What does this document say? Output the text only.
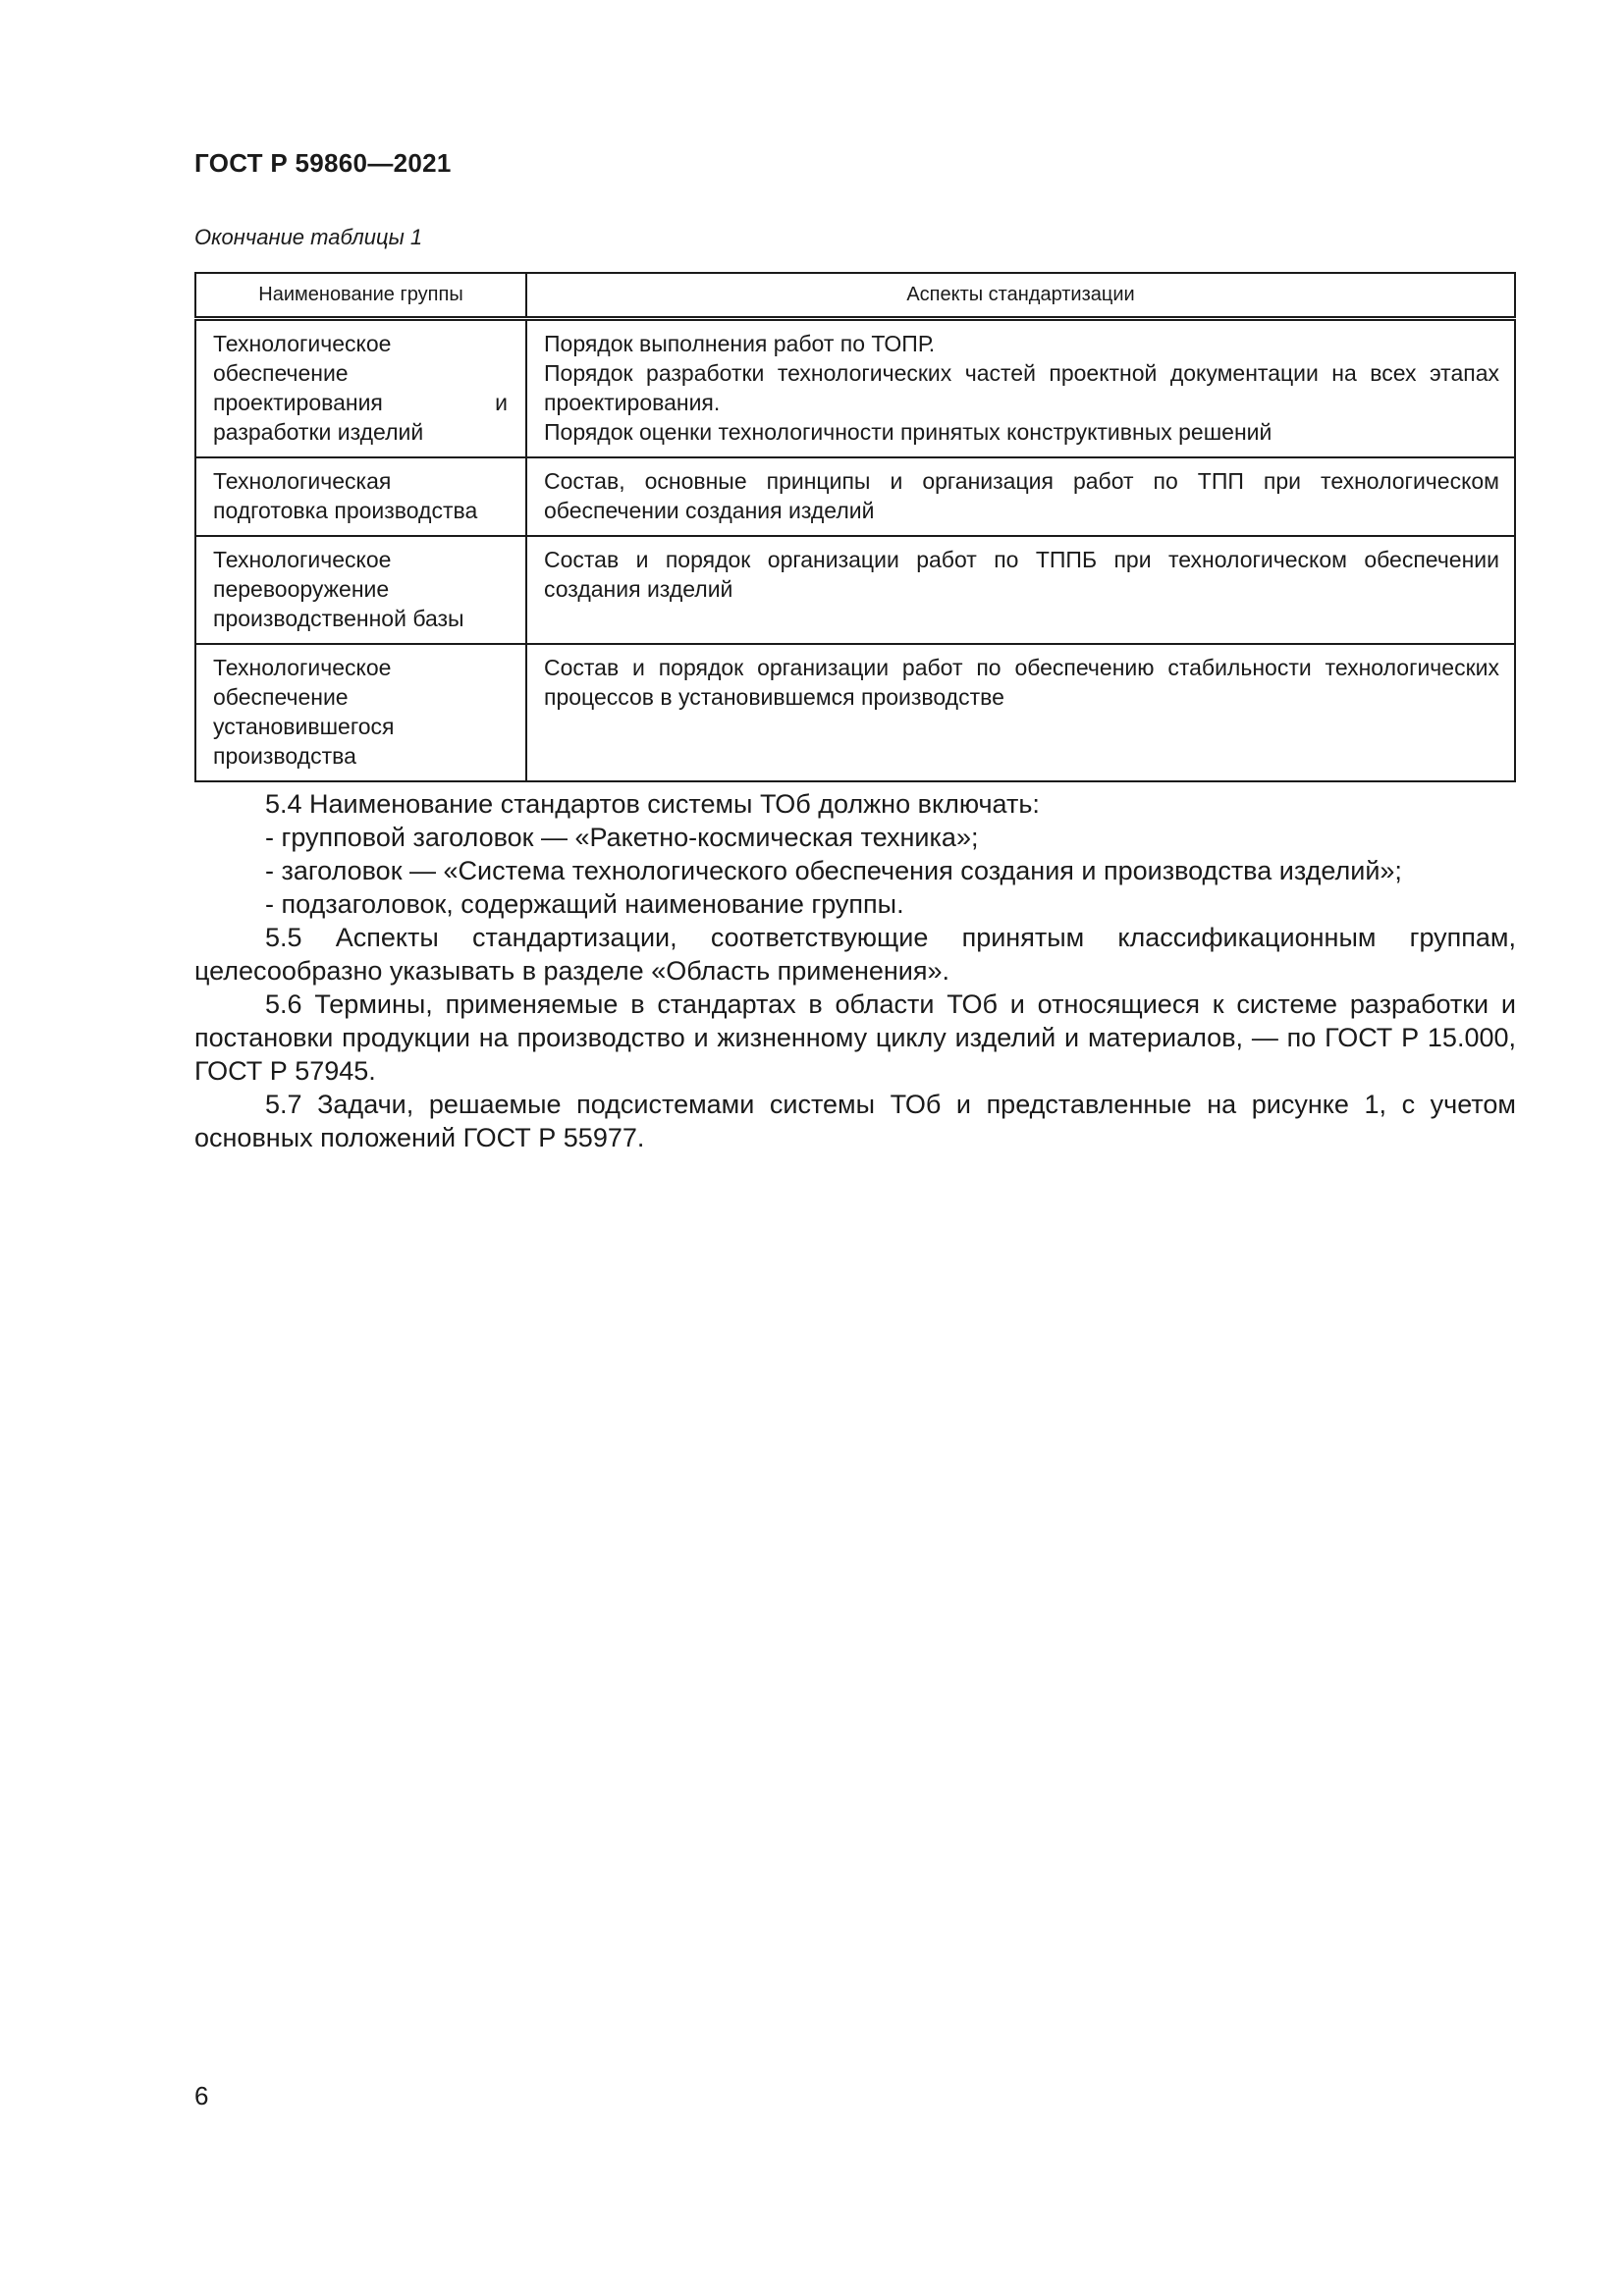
ГОСТ Р 59860—2021
Окончание таблицы 1
Наименование группы	Аспекты стандартизации
Технологическое обеспечение проектирования и разработки изделий	Порядок выполнения работ по ТОПР.
Порядок разработки технологических частей проектной документации на всех этапах проектирования.
Порядок оценки технологичности принятых конструктивных решений

Технологическая подготовка производства	Состав, основные принципы и организация работ по ТПП при технологическом обеспечении создания изделий

Технологическое перевооружение производственной базы	Состав и порядок организации работ по ТППБ при технологическом обеспечении создания изделий

Технологическое обеспечение установившегося производства	Состав и порядок организации работ по обеспечению стабильности технологических процессов в установившемся производстве

5.4 Наименование стандартов системы ТОб должно включать:

- групповой заголовок — «Ракетно-космическая техника»;

- заголовок — «Система технологического обеспечения создания и производства изделий»;

- подзаголовок, содержащий наименование группы.

5.5 Аспекты стандартизации, соответствующие принятым классификационным группам, целесообразно указывать в разделе «Область применения».

5.6 Термины, применяемые в стандартах в области ТОб и относящиеся к системе разработки и постановки продукции на производство и жизненному циклу изделий и материалов, — по ГОСТ Р 15.000, ГОСТ Р 57945.

5.7 Задачи, решаемые подсистемами системы ТОб и представленные на рисунке 1, с учетом основных положений ГОСТ Р 55977.

6
